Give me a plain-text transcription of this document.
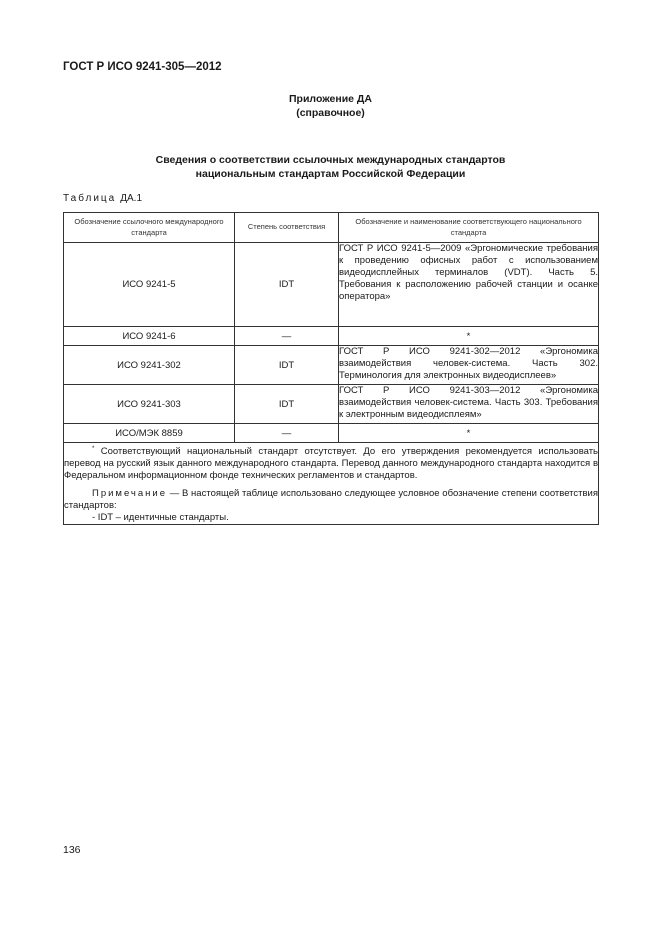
ГОСТ Р ИСО 9241-305—2012
Приложение ДА
(справочное)
Сведения о соответствии ссылочных международных стандартов
национальным стандартам Российской Федерации
Таблица ДА.1
Обозначение ссылочного международного стандарта	Степень соответствия	Обозначение и наименование соответствующего национального стандарта
ИСО 9241-5	IDT	ГОСТ Р ИСО 9241-5—2009 «Эргономические требования к проведению офисных работ с использованием видеодисплейных терминалов (VDT). Часть 5. Требования к расположению рабочей станции и осанке оператора»
ИСО 9241-6	—	*
ИСО 9241-302	IDT	ГОСТ Р ИСО 9241-302—2012 «Эргономика взаимодействия человек-система. Часть 302. Терминология для электронных видеодисплеев»
ИСО 9241-303	IDT	ГОСТ Р ИСО 9241-303—2012 «Эргономика взаимодействия человек-система. Часть 303. Требования к электронным видеодисплеям»
ИСО/МЭК 8859	—	*

* Соответствующий национальный стандарт отсутствует. До его утверждения рекомендуется использовать перевод на русский язык данного международного стандарта. Перевод данного международного стандарта находится в Федеральном информационном фонде технических регламентов и стандартов.

Примечание — В настоящей таблице использовано следующее условное обозначение степени соответствия стандартов:

- IDT – идентичные стандарты.		

136
